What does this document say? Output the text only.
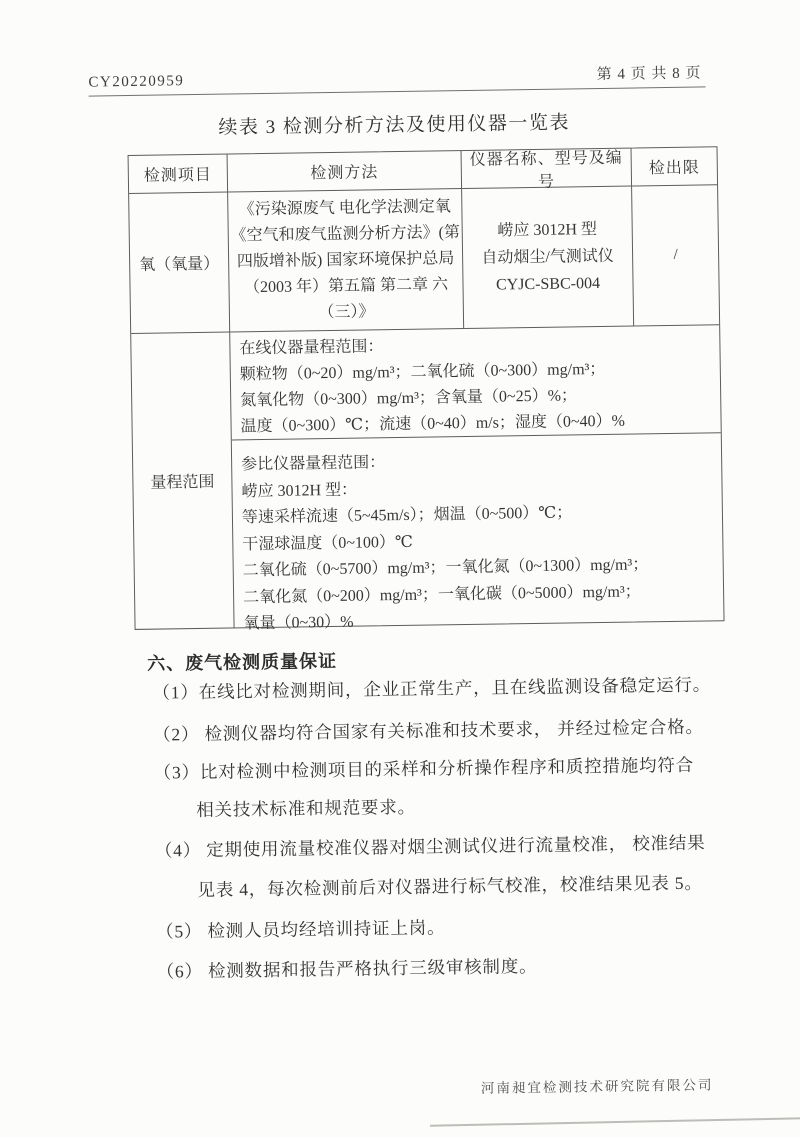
CY20220959	第 4 页 共 8 页
续表 3 检测分析方法及使用仪器一览表
检测项目	检测方法
仪器名称、型号及编号
检出限
氧（氧量）
《污染源废气 电化学法测定氧
《空气和废气监测分析方法》(第
四版增补版) 国家环境保护总局
（2003 年）第五篇 第二章 六
（三）》
崂应 3012H 型
自动烟尘/气测试仪
CYJC-SBC-004
/
量程范围
在线仪器量程范围：
颗粒物（0~20）mg/m³；二氧化硫（0~300）mg/m³；
氮氧化物（0~300）mg/m³；含氧量（0~25）%；
温度（0~300）℃；流速（0~40）m/s；湿度（0~40）%
参比仪器量程范围：
崂应 3012H 型：
等速采样流速（5~45m/s）；烟温（0~500）℃；
干湿球温度（0~100）℃
二氧化硫（0~5700）mg/m³；一氧化氮（0~1300）mg/m³；
二氧化氮（0~200）mg/m³；一氧化碳（0~5000）mg/m³；
氧量（0~30）%
六、废气检测质量保证
（1）在线比对检测期间，企业正常生产，且在线监测设备稳定运行。
（2） 检测仪器均符合国家有关标准和技术要求， 并经过检定合格。
（3）比对检测中检测项目的采样和分析操作程序和质控措施均符合
相关技术标准和规范要求。
（4） 定期使用流量校准仪器对烟尘测试仪进行流量校准， 校准结果
见表 4，每次检测前后对仪器进行标气校准，校准结果见表 5。
（5） 检测人员均经培训持证上岗。
（6） 检测数据和报告严格执行三级审核制度。
河南昶宜检测技术研究院有限公司
